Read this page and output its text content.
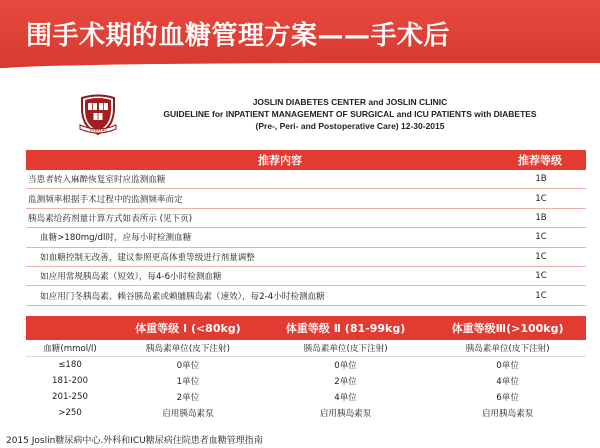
围手术期的血糖管理方案——手术后
VERITAS
JOSLIN DIABETES CENTER and JOSLIN CLINIC
GUIDELINE for INPATIENT MANAGEMENT OF SURGICAL and ICU PATIENTS with DIABETES
(Pre-, Peri- and Postoperative Care) 12-30-2015
推荐内容	推荐等级
当患者转入麻醉恢复室时应监测血糖	1B
监测频率根据手术过程中的监测频率而定	1C
胰岛素给药剂量计算方式如表所示 (见下页)	1B
血糖>180mg/dl时，应每小时检测血糖	1C
如血糖控制无改善，建议参照更高体重等级进行剂量调整	1C
如应用常规胰岛素（短效），每4-6小时检测血糖	1C
如应用门冬胰岛素、赖谷胰岛素或赖脯胰岛素（速效），每2-4小时检测血糖	1C
	体重等级 Ⅰ (<80kg)	体重等级 Ⅱ (81-99kg)	体重等级Ⅲ(>100kg)
血糖(mmol/l)	胰岛素单位(皮下注射)	胰岛素单位(皮下注射)	胰岛素单位(皮下注射)
≤180	0单位	0单位	0单位
181-200	1单位	2单位	4单位
201-250	2单位	4单位	6单位
>250	启用胰岛素泵	启用胰岛素泵	启用胰岛素泵
2015 Joslin糖尿病中心.外科和ICU糖尿病住院患者血糖管理指南
